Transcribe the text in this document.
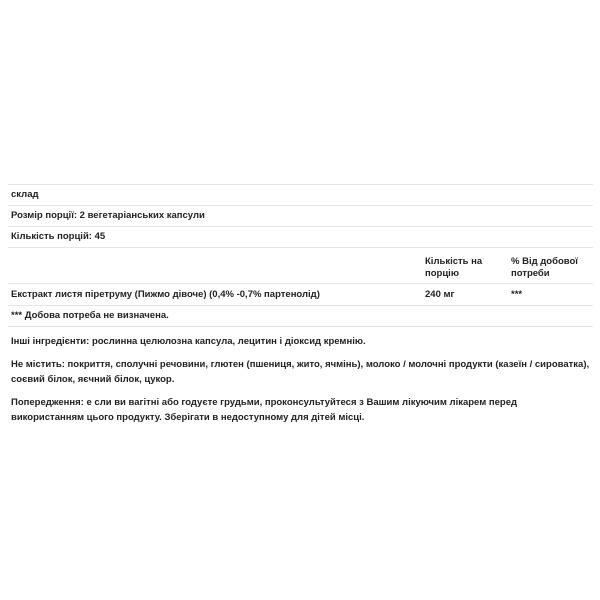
склад		
Розмір порції: 2 вегетаріанських капсули		
Кількість порцій: 45		
	Кількість на порцію	% Від добової потреби
Екстракт листя піретруму (Пижмо дівоче) (0,4% -0,7% партенолід)	240 мг	***
*** Добова потреба не визначена.		

Інші інгредієнти: рослинна целюлозна капсула, лецитин і діоксид кремнію.

Не містить: покриття, сполучні речовини, глютен (пшениця, жито, ячмінь), молоко / молочні продукти (казеїн / сироватка), соєвий білок, яєчний білок, цукор.

Попередження: е сли ви вагітні або годуєте грудьми, проконсультуйтеся з Вашим лікуючим лікарем перед використанням цього продукту. Зберігати в недоступному для дітей місці.
